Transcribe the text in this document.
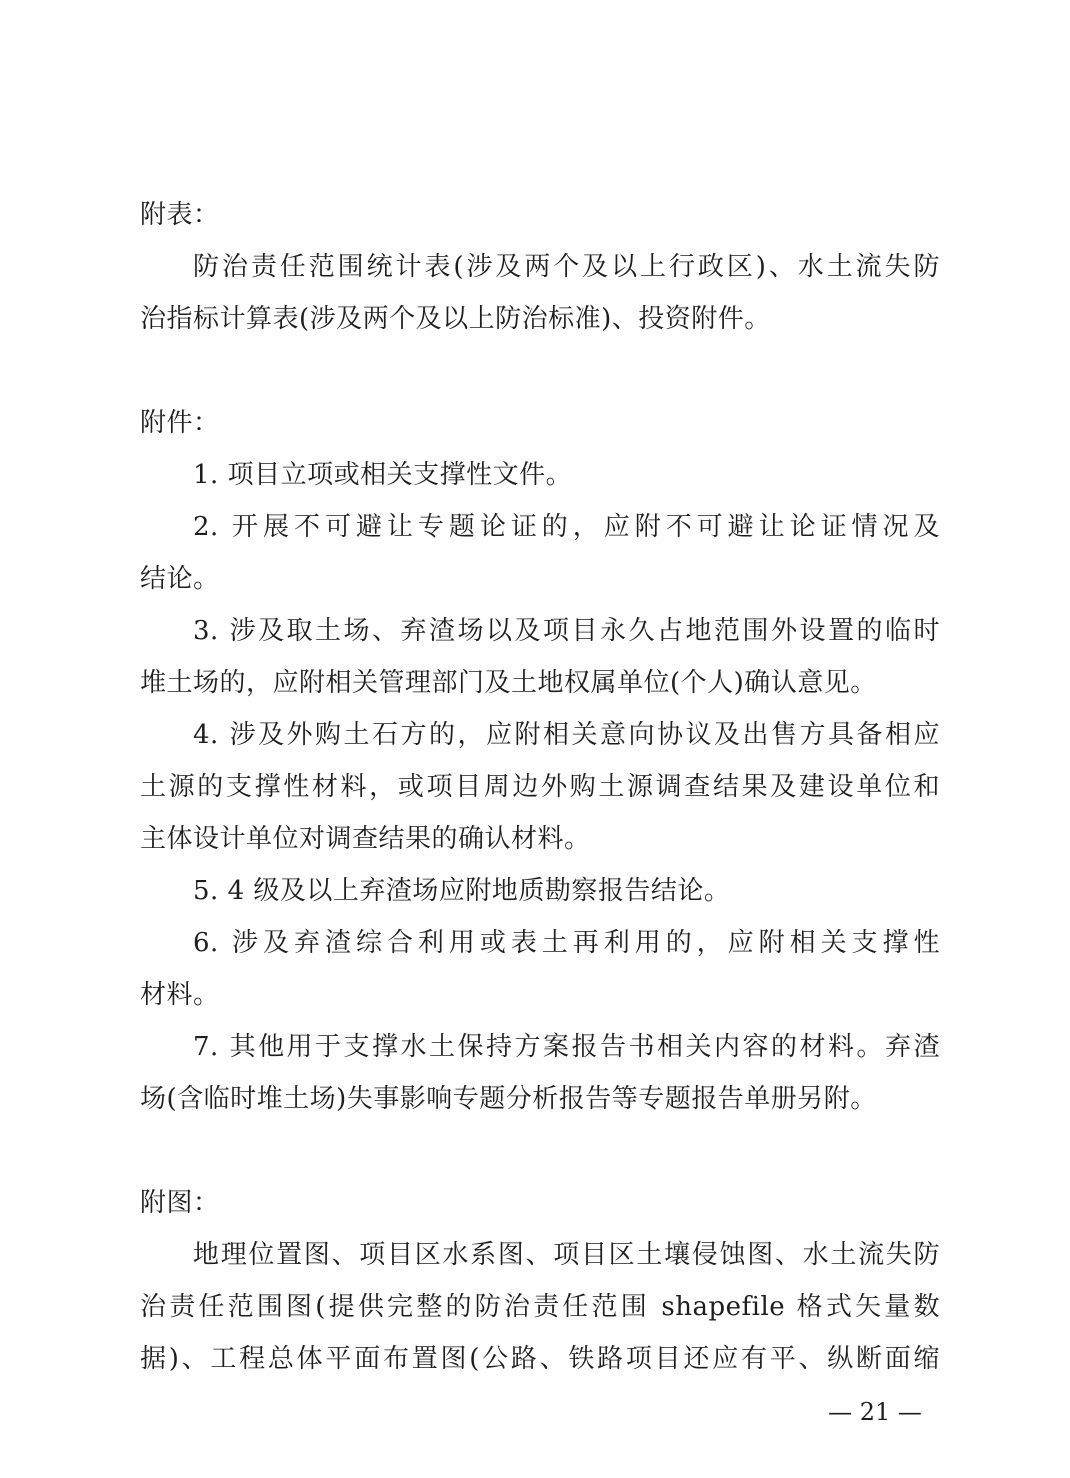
附表：
防治责任范围统计表(涉及两个及以上行政区)、水土流失防
治指标计算表(涉及两个及以上防治标准)、投资附件。
附件：
1. 项目立项或相关支撑性文件。
2. 开展不可避让专题论证的，应附不可避让论证情况及
结论。
3. 涉及取土场、弃渣场以及项目永久占地范围外设置的临时
堆土场的，应附相关管理部门及土地权属单位(个人)确认意见。
4. 涉及外购土石方的，应附相关意向协议及出售方具备相应
土源的支撑性材料，或项目周边外购土源调查结果及建设单位和
主体设计单位对调查结果的确认材料。
5. 4 级及以上弃渣场应附地质勘察报告结论。
6. 涉及弃渣综合利用或表土再利用的，应附相关支撑性
材料。
7. 其他用于支撑水土保持方案报告书相关内容的材料。弃渣
场(含临时堆土场)失事影响专题分析报告等专题报告单册另附。
附图：
地理位置图、项目区水系图、项目区土壤侵蚀图、水土流失防
治责任范围图(提供完整的防治责任范围 shapefile 格式矢量数
据)、工程总体平面布置图(公路、铁路项目还应有平、纵断面缩
— 21 —
